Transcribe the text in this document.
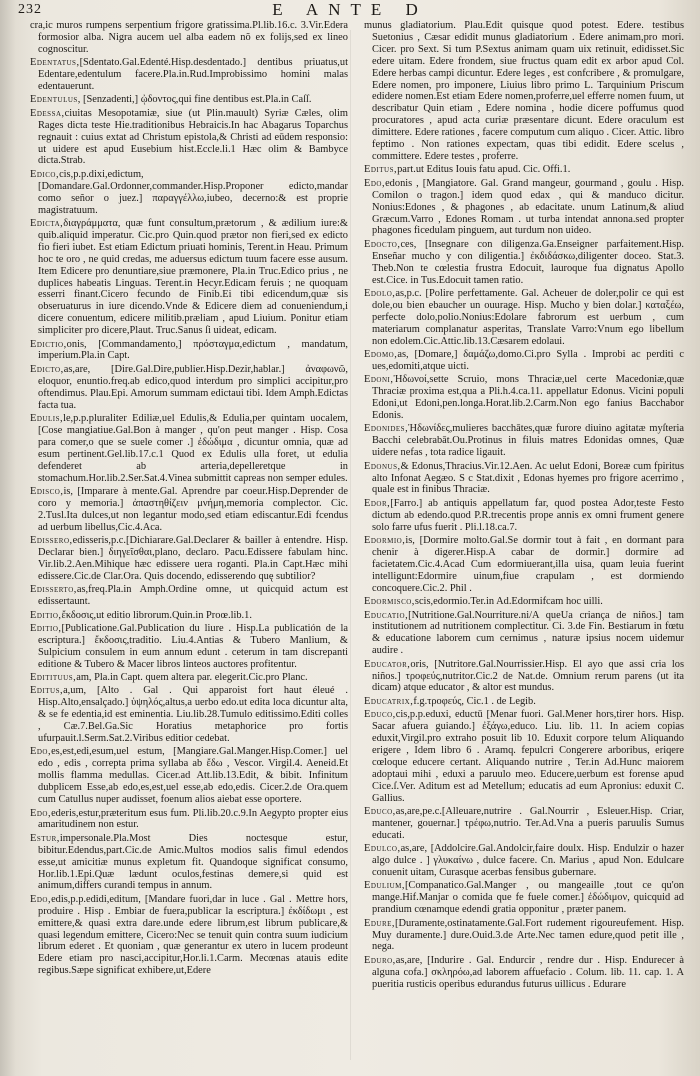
232	E ANTE D
cra,ic muros rumpens serpentium frigore gratissima.Pl.lib.16.c. 3.Vir.Edera formosior alba. Nigra aucem uel alba eadem nõ ex folijs,sed ex lineo cognoscitur.
Edentatus,[Sdentato.Gal.Edenté.Hisp.desdentado.] dentibus priuatus,ut Edentare,edentulum facere.Pla.in.Rud.Improbissimo homini malas edentauerunt.
Edentulus, [Senzadenti,] ᾠδοντος,qui fine dentibus est.Pla.in Caſſ.
Edessa,ciuitas Mesopotamiæ, siue (ut Plin.mauult) Syriæ Cæles, olim Rages dicta teste Hie.traditionibus Hebraicis.In hac Abagarus Toparchus regnauit : cuius extat ad Christum epistola,& Christi ad eūdem responsio: ut uidere est apud Eusebium hist.Eccle.li.1 Hæc olim & Bambyce dicta.Strab.
Edico,cis,p.p.dixi,edictum, [Domandare.Gal.Ordonner,commander.Hisp.Proponer edicto,mandar como señor o juez.] παραγγέλλω,iubeo, decerno:& est proprie magistratuum.
Edicta,διαγράμματα, quæ funt consultum,prætorum , & ædilium iure:& quib.aliquid imperatur. Cic.pro Quin.quod prætor non fieri,sed ex edicto fio fieri iubet. Est etiam Edictum priuati hominis, Terent.in Heau. Primum hoc te oro , ne quid credas, me aduersus edictum tuum facere esse ausum. Item Edicere pro denuntiare,siue præmonere, Pla.in Truc.Edico prius , ne duplices habeatis Linguas. Terent.in Hecyr.Edicam feruis ; ne quoquam esserri finant.Cicero fecundo de Finib.Ei tibi edicendum,quæ sis obseruaturus in iure dicendo.Vnde & Edicere diem ad conueniendum,i dicere conuentum, edicere militib.præliam , apud Liuium. Ponitur etiam simpliciter pro dicere,Plaut. Truc.Sanus ſi uideat, edicam.
Edictio,onis, [Commandamento,] πρόσταγμα,edictum , mandatum, imperium.Pla.in Capt.
Edicto,as,are, [Dire.Gal.Dire,publier.Hisp.Dezir,hablar.] ἀναφωνῶ, eloquor, enuntio.freq.ab edico,quod interdum pro simplici accipitur,pro oftendimus. Plau.Epi. Amorum summam edictaui tibi. Idem Amph.Edictas facta tua.
Edulis,le,p.p.pluraliter Ediliæ,uel Edulis,& Edulia,per quintam uocalem, [Cose mangiatiue.Gal.Bon à manger , qu'on peut manger . Hisp. Cosa para comer,o que se suele comer .] ἐδώδιμα , dicuntur omnia, quæ ad esum pertinent.Gel.lib.17.c.1 Quod ex Edulis ulla foret, ut edulia defenderet ab arteria,depelleretque in stomachum.Hor.lib.2.Ser.Sat.4.Vinea submittit capreas non semper edules.
Edisco,is, [Imparare à mente.Gal. Aprendre par coeur.Hisp.Deprender de coro y memoria.] ἀπαστηθίζειν μνήμη,memoria complector. Cic. 2.Tusl.Ita dulces,ut non legantur modo,sed etiam ediscantur.Edi fcendus ad uerbum libellus,Cic.4.Aca.
Edissero,edisseris,p.c.[Dichiarare.Gal.Declarer & bailler à entendre. Hisp. Declarar bien.] διηγεῖσθαι,plano, declaro. Pacu.Edissere fabulam hinc. Vir.lib.2.Aen.Mihique hæc edissere uera roganti. Pla.in Capt.Hæc mihi edissere.Cic.de Clar.Ora. Quis docendo, edisserendo quę subtilior?
Edisserto,as,freq.Pla.in Amph.Ordine omne, ut quicquid actum est edissertaunt.
Editio,ἔκδοσις,ut editio librorum.Quin.in Proœ.lib.1.
Editio,[Publicatione.Gal.Publication du liure . Hisp.La publicatión de la escriptura.] ἔκδοσις,traditio. Liu.4.Antias & Tubero Manlium, & Sulpicium consulem in eum annum edunt . ceterum in tam discrepanti editione & Tubero & Macer libros linteos auctores profitentur.
Editituus,am, Pla.in Capt. quem altera par. elegerit.Cic.pro Planc.
Editus,a,um, [Alto . Gal . Qui apparoist fort haut éleué . Hisp.Alto,ensalçado.] ὑψηλός,altus,a uerbo edo.ut edita loca dicuntur alta, & se fe edentia,id est eminentia. Liu.lib.28.Tumulo editissimo.Editi colles , Cæ.7.Bel.Ga.Sic Horatius metaphorice pro fortis ufurpauit.l.Serm.Sat.2.Viribus editior cedebat.
Edo,es,est,edi,esum,uel estum, [Mangiare.Gal.Manger.Hisp.Comer.] uel edo , edis , correpta prima syllaba ab ἔδω , Vescor. Virgil.4. Aeneid.Et mollis flamma medullas. Cicer.ad Att.lib.13.Edit, & bibit. Infinitum dubplicem Esse,ab edo,es,est,uel esse,ab edo,edis. Cicer.2.de Ora.quem cum Catullus nuper audisset, foenum alios aiebat esse oportere.
Edo,ederis,estur,præteritum esus fum. Pli.lib.20.c.9.In Aegypto propter eius amaritudinem non estur.
Estur,impersonale.Pla.Most Dies noctesque estur, bibitur.Edendus,part.Cic.de Amic.Multos modios salis fimul edendos esse,ut amicitiæ munus expletum fit. Quandoque significat consumo, Hor.lib.1.Epi.Quæ lædunt oculos,festinas demere,si quid est animum,differs curandi tempus in annum.
Edo,edis,p.p.edidi,editum, [Mandare fuori,dar in luce . Gal . Mettre hors, produire . Hisp . Embiar de fuera,publicar la escriptura.] ἐκδίδωμι , est emittere,& quasi extra dare.unde edere librum,est librum publicare,& quasi legendum emittere, Cicero:Nec se tenuit quin contra suum iudicium librum ederet . Et quoniam , quæ generantur ex utero in lucem prodeunt Edere etiam pro nasci,accipitur,Hor.li.1.Carm. Mecœnas atauis edite regibus.Sæpe significat exhibere,ut,Edere
munus gladiatorium. Plau.Edit quisque quod potest. Edere. testibus Suetonius , Cæsar edidit munus gladiatorium . Edere animam,pro mori. Cicer. pro Sext. Si tum P.Sextus animam quam uix retinuit, edidisset.Sic edere uitam. Edere frondem, siue fructus quam edit ex arbor apud Col. Edere herbas campi dicuntur. Edere leges , est confcribere , & promulgare, Edere nomen, pro imponere, Liuius libro primo L. Tarquinium Priscum edidere nomen.Est etiam Edere nomen,proferre,uel efferre nomen fuum, ut describatur Quin etiam , Edere nomina , hodie dicere poffumus quod procuratores , apud acta curiæ præsentare dicunt. Edere oraculum est dimittere. Edere rationes , facere computum cum aliquo . Cicer. Attic. libro feptimo . Non rationes expectam, quas tibi edidit. Edere scelus , committere. Edere testes , proferre.
Editus,part.ut Editus Iouis fatu apud. Cic. Offi.1.
Edo,edonis , [Mangiatore. Gal. Grand mangeur, gourmand , goulu . Hisp. Comilon o tragon.] idem quod edax , qui & manduco dicitur. Nonius:Edones , & phagones , ab edacitate. unum Latinum,& aliud Græcum.Varro , Edones Romam . ut turba intendat annona.sed propter phagones ficedulam pinguem, aut turdum non uideo.
Edocto,ces, [Insegnare con diligenza.Ga.Enseigner parfaitement.Hisp. Enseñar mucho y con diligentia.] ἐκδιδάσκω,diligenter doceo. Stat.3. Theb.Non te cœlestia frustra Edocuit, lauroque fua dignatus Apollo est.Cice. in Tus.Edocuit tamen ratio.
Edolo,as,p.c. [Polire perfettamente. Gal. Acheuer de doler,polir ce qui est dole,ou bien ebaucher un ouurage. Hisp. Mucho y bien dolar.] καταξέω, perfecte dolo,polio.Nonius:Edolare fabrorum est uerbum , cum materiarum complanatur asperitas, Translate Varro:Vnum ego libellum non edolem.Cic.Attic.lib.13.Cæsarem edolaui.
Edomo,as, [Domare,] δαμάζω,domo.Ci.pro Sylla . Improbi ac perditi c ues,edomiti,atque uicti.
Edoni,Ἠδωνοί,sette Scruio, mons Thraciæ,uel certe Macedoniæ,quæ Thraciæ proxima est,qua a Pli.h.4.ca.11. appellatur Edonus. Vicini populi Edoni,ut Edoni,pen.longa.Horat.lib.2.Carm.Non ego fanius Bacchabor Edonis.
Edonides,Ἠδωνίδες,mulieres bacchātes,quæ furore diuino agitatæ myſteria Bacchi celebrabāt.Ou.Protinus in filuis matres Edonidas omnes, Quæ uidere nefas , tota radice ligauit.
Edonus,& Edonus,Thracius.Vir.12.Aen. Ac uelut Edoni, Boreæ cum fpiritus alto Infonat Aegæo. S c Stat.dixit , Edonas hyemes pro frigore acerrimo , quale est in finibus Thraciæ.
Edor,[Farro.] ab antiquis appellatum far, quod postea Ador,teste Festo dictum ab edendo.quod P.R.trecentis prope annis ex omni frument genere solo farre ufus fuerit . Pli.l.18.ca.7.
Edormio,is, [Dormire molto.Gal.Se dormir tout à fait , en dormant para chenir à digerer.Hisp.A cabar de dormir.] dormire ad facietatem.Cic.4.Acad Cum edormiuerant,illa uisa, quam leuia fuerint intelligunt:Edormire uinum,fiue crapulam , est dormiendo concoquere.Cic.2. Phil .
Edormisco,scis,edormio.Ter.in Ad.Edormifcam hoc uilli.
Educatio,[Nutritione.Gal.Nourriture.ni/A queUa criança de niños.] tam institutionem ad nutritionem complectitur. Ci. 3.de Fin. Bestiarum in fœtu & educatione laborem cum cernimus , naturæ ipsius nocem uidemur audire .
Educator,oris, [Nutritore.Gal.Nourrissier.Hisp. El ayo que assi cria los niños.] τροφεύς,nutritor.Cic.2 de Nat.de. Omnium rerum parens (ut ita dicam) atque educator , & altor est mundus.
Educatrix,f.g.τροφεύς, Cic.1 . de Legib.
Educo,cis,p.p.eduxi, eductū [Menar fuori. Gal.Mener hors,tirer hors. Hisp. Sacar afuera guiando.] ἐξάγω,educo. Liu. lib. 11. In aciem copias eduxit,Virgil.pro extraho posuit lib 10. Eduxit corpore telum Aliquando erigere , Idem libro 6 . Aramq. fepulcri Congerere arboribus, eriqere cœloque educere certant. Aliquando nutrire , Ter.in Ad.Hunc maiorem adoptaui mihi , eduxi a paruulo meo. Educere,uerbum est forense apud Cice.ſ.Ver. Aditum est ad Metellum; educatis ad eum Apronius: eduxit C. Gallius.
Educo,as,are,pe.c.[Alleuare,nutrire . Gal.Nourrir , Esleuer.Hisp. Criar, mantener, gouernar.] τρέφω,nutrio. Ter.Ad.Vna a pueris paruulis Sumus educati.
Edulco,as,are, [Addolcire.Gal.Andolcir,faire doulx. Hisp. Endulzir o hazer algo dulce . ] γλυκαίνω , dulce facere. Cn. Marius , apud Non. Edulcare conuenit uitam, Curasque acerbas fensibus gubernare.
Edulium,[Companatico.Gal.Manger , ou mangeaille ,tout ce qu'on mange.Hif.Manjar o comida que fe fuele comer.] ἐδώδιμον, quicquid ad prandium cœnamque edendi gratia opponitur , præter panem.
Edure,[Duramente,ostinatamente.Gal.Fort rudement rigoureufement. Hisp. Muy duramente.] dure.Ouid.3.de Arte.Nec tamen edure,quod petit ille , nega.
Eduro,as,are, [Indurire . Gal. Endurcir , rendre dur . Hisp. Endurecer à alguna cofa.] σκληρόω,ad laborem affuefacio . Colum. lib. 11. cap. 1. A pueritia rusticis operibus edurandus futurus uillicus . Edurare
